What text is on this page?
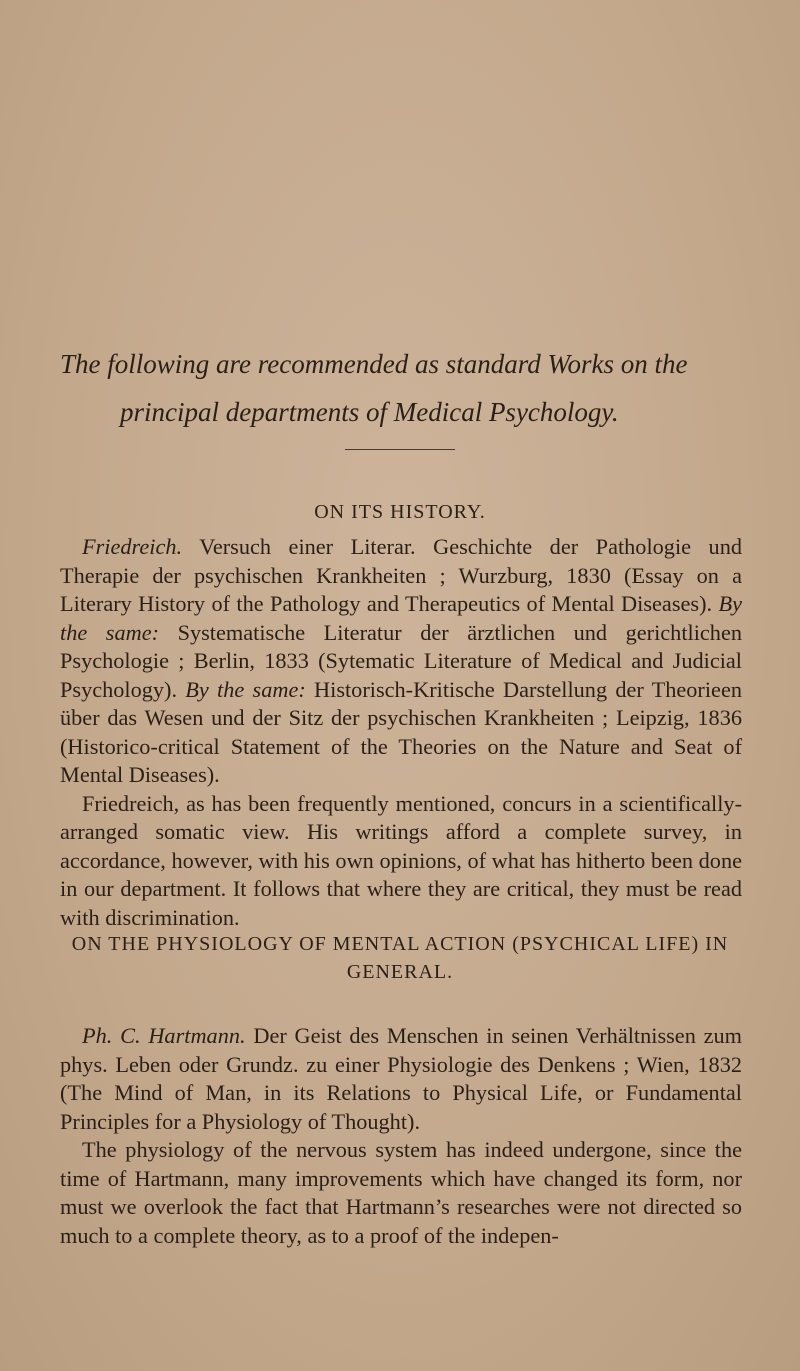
The following are recommended as standard Works on the
principal departments of Medical Psychology.
ON ITS HISTORY.

Friedreich. Versuch einer Literar. Geschichte der Pathologie und Therapie der psychischen Krankheiten ; Wurzburg, 1830 (Essay on a Literary History of the Pathology and Therapeutics of Mental Diseases). By the same: Systematische Literatur der ärztlichen und gerichtlichen Psychologie ; Berlin, 1833 (Sytematic Literature of Medical and Judicial Psychology). By the same: Historisch-Kritische Darstellung der Theorieen über das Wesen und der Sitz der psychischen Krankheiten ; Leipzig, 1836 (Historico-critical Statement of the Theories on the Nature and Seat of Mental Diseases).

Friedreich, as has been frequently mentioned, concurs in a scientifically-arranged somatic view. His writings afford a complete survey, in accordance, however, with his own opinions, of what has hitherto been done in our department. It follows that where they are critical, they must be read with discrimination.

ON THE PHYSIOLOGY OF MENTAL ACTION (PSYCHICAL LIFE) IN
GENERAL.

Ph. C. Hartmann. Der Geist des Menschen in seinen Verhältnissen zum phys. Leben oder Grundz. zu einer Physiologie des Denkens ; Wien, 1832 (The Mind of Man, in its Relations to Physical Life, or Fundamental Principles for a Physiology of Thought).

The physiology of the nervous system has indeed undergone, since the time of Hartmann, many improvements which have changed its form, nor must we overlook the fact that Hartmann’s researches were not directed so much to a complete theory, as to a proof of the indepen-
